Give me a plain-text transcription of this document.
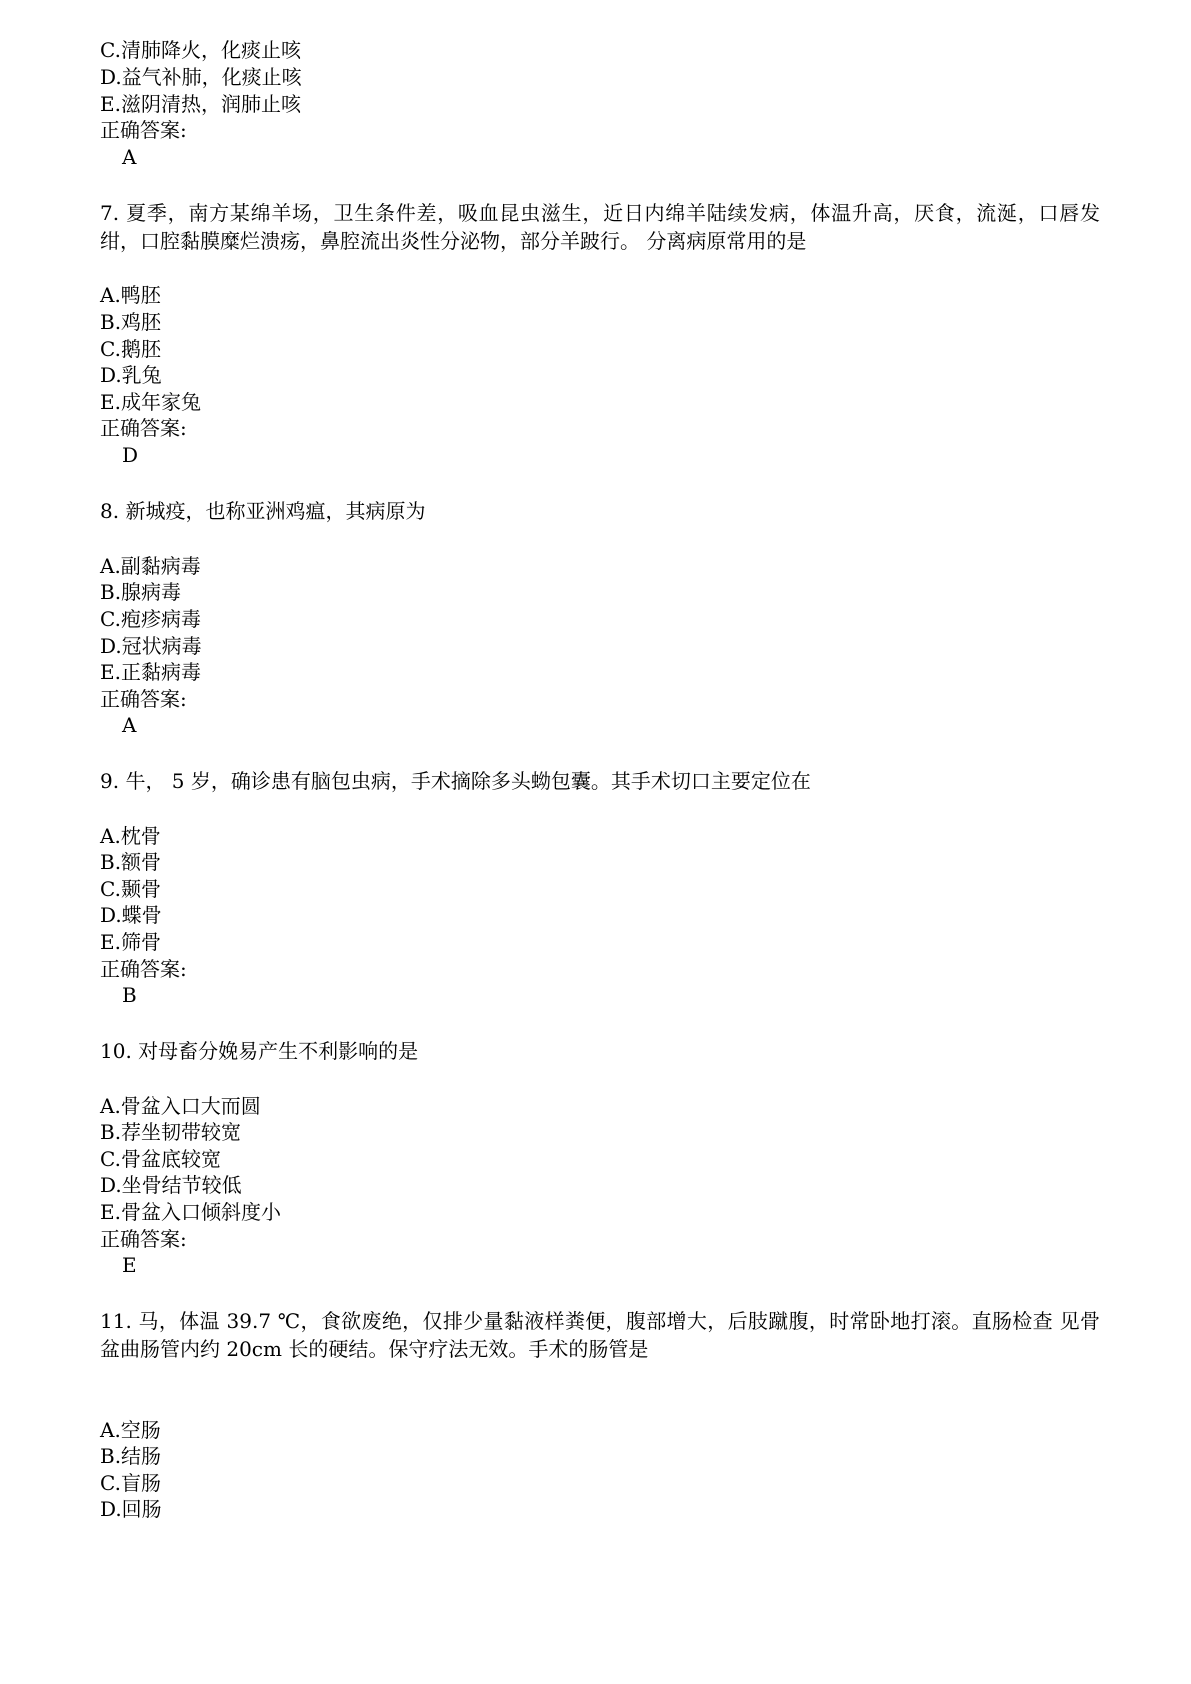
C.清肺降火，化痰止咳
D.益气补肺，化痰止咳
E.滋阴清热，润肺止咳
正确答案:
A
7. 夏季，南方某绵羊场，卫生条件差，吸血昆虫滋生，近日内绵羊陆续发病，体温升高，厌食，流涎，口唇发绀，口腔黏膜糜烂溃疡，鼻腔流出炎性分泌物，部分羊跛行。 分离病原常用的是
A.鸭胚
B.鸡胚
C.鹅胚
D.乳兔
E.成年家兔
正确答案:
D
8. 新城疫，也称亚洲鸡瘟，其病原为
A.副黏病毒
B.腺病毒
C.疱疹病毒
D.冠状病毒
E.正黏病毒
正确答案:
A
9. 牛， 5 岁，确诊患有脑包虫病，手术摘除多头蚴包囊。其手术切口主要定位在
A.枕骨
B.额骨
C.颞骨
D.蝶骨
E.筛骨
正确答案:
B
10. 对母畜分娩易产生不利影响的是
A.骨盆入口大而圆
B.荐坐韧带较宽
C.骨盆底较宽
D.坐骨结节较低
E.骨盆入口倾斜度小
正确答案:
E
11. 马，体温 39.7 ℃，食欲废绝，仅排少量黏液样粪便，腹部增大，后肢蹴腹，时常卧地打滚。直肠检查 见骨盆曲肠管内约 20cm 长的硬结。保守疗法无效。手术的肠管是
A.空肠
B.结肠
C.盲肠
D.回肠
